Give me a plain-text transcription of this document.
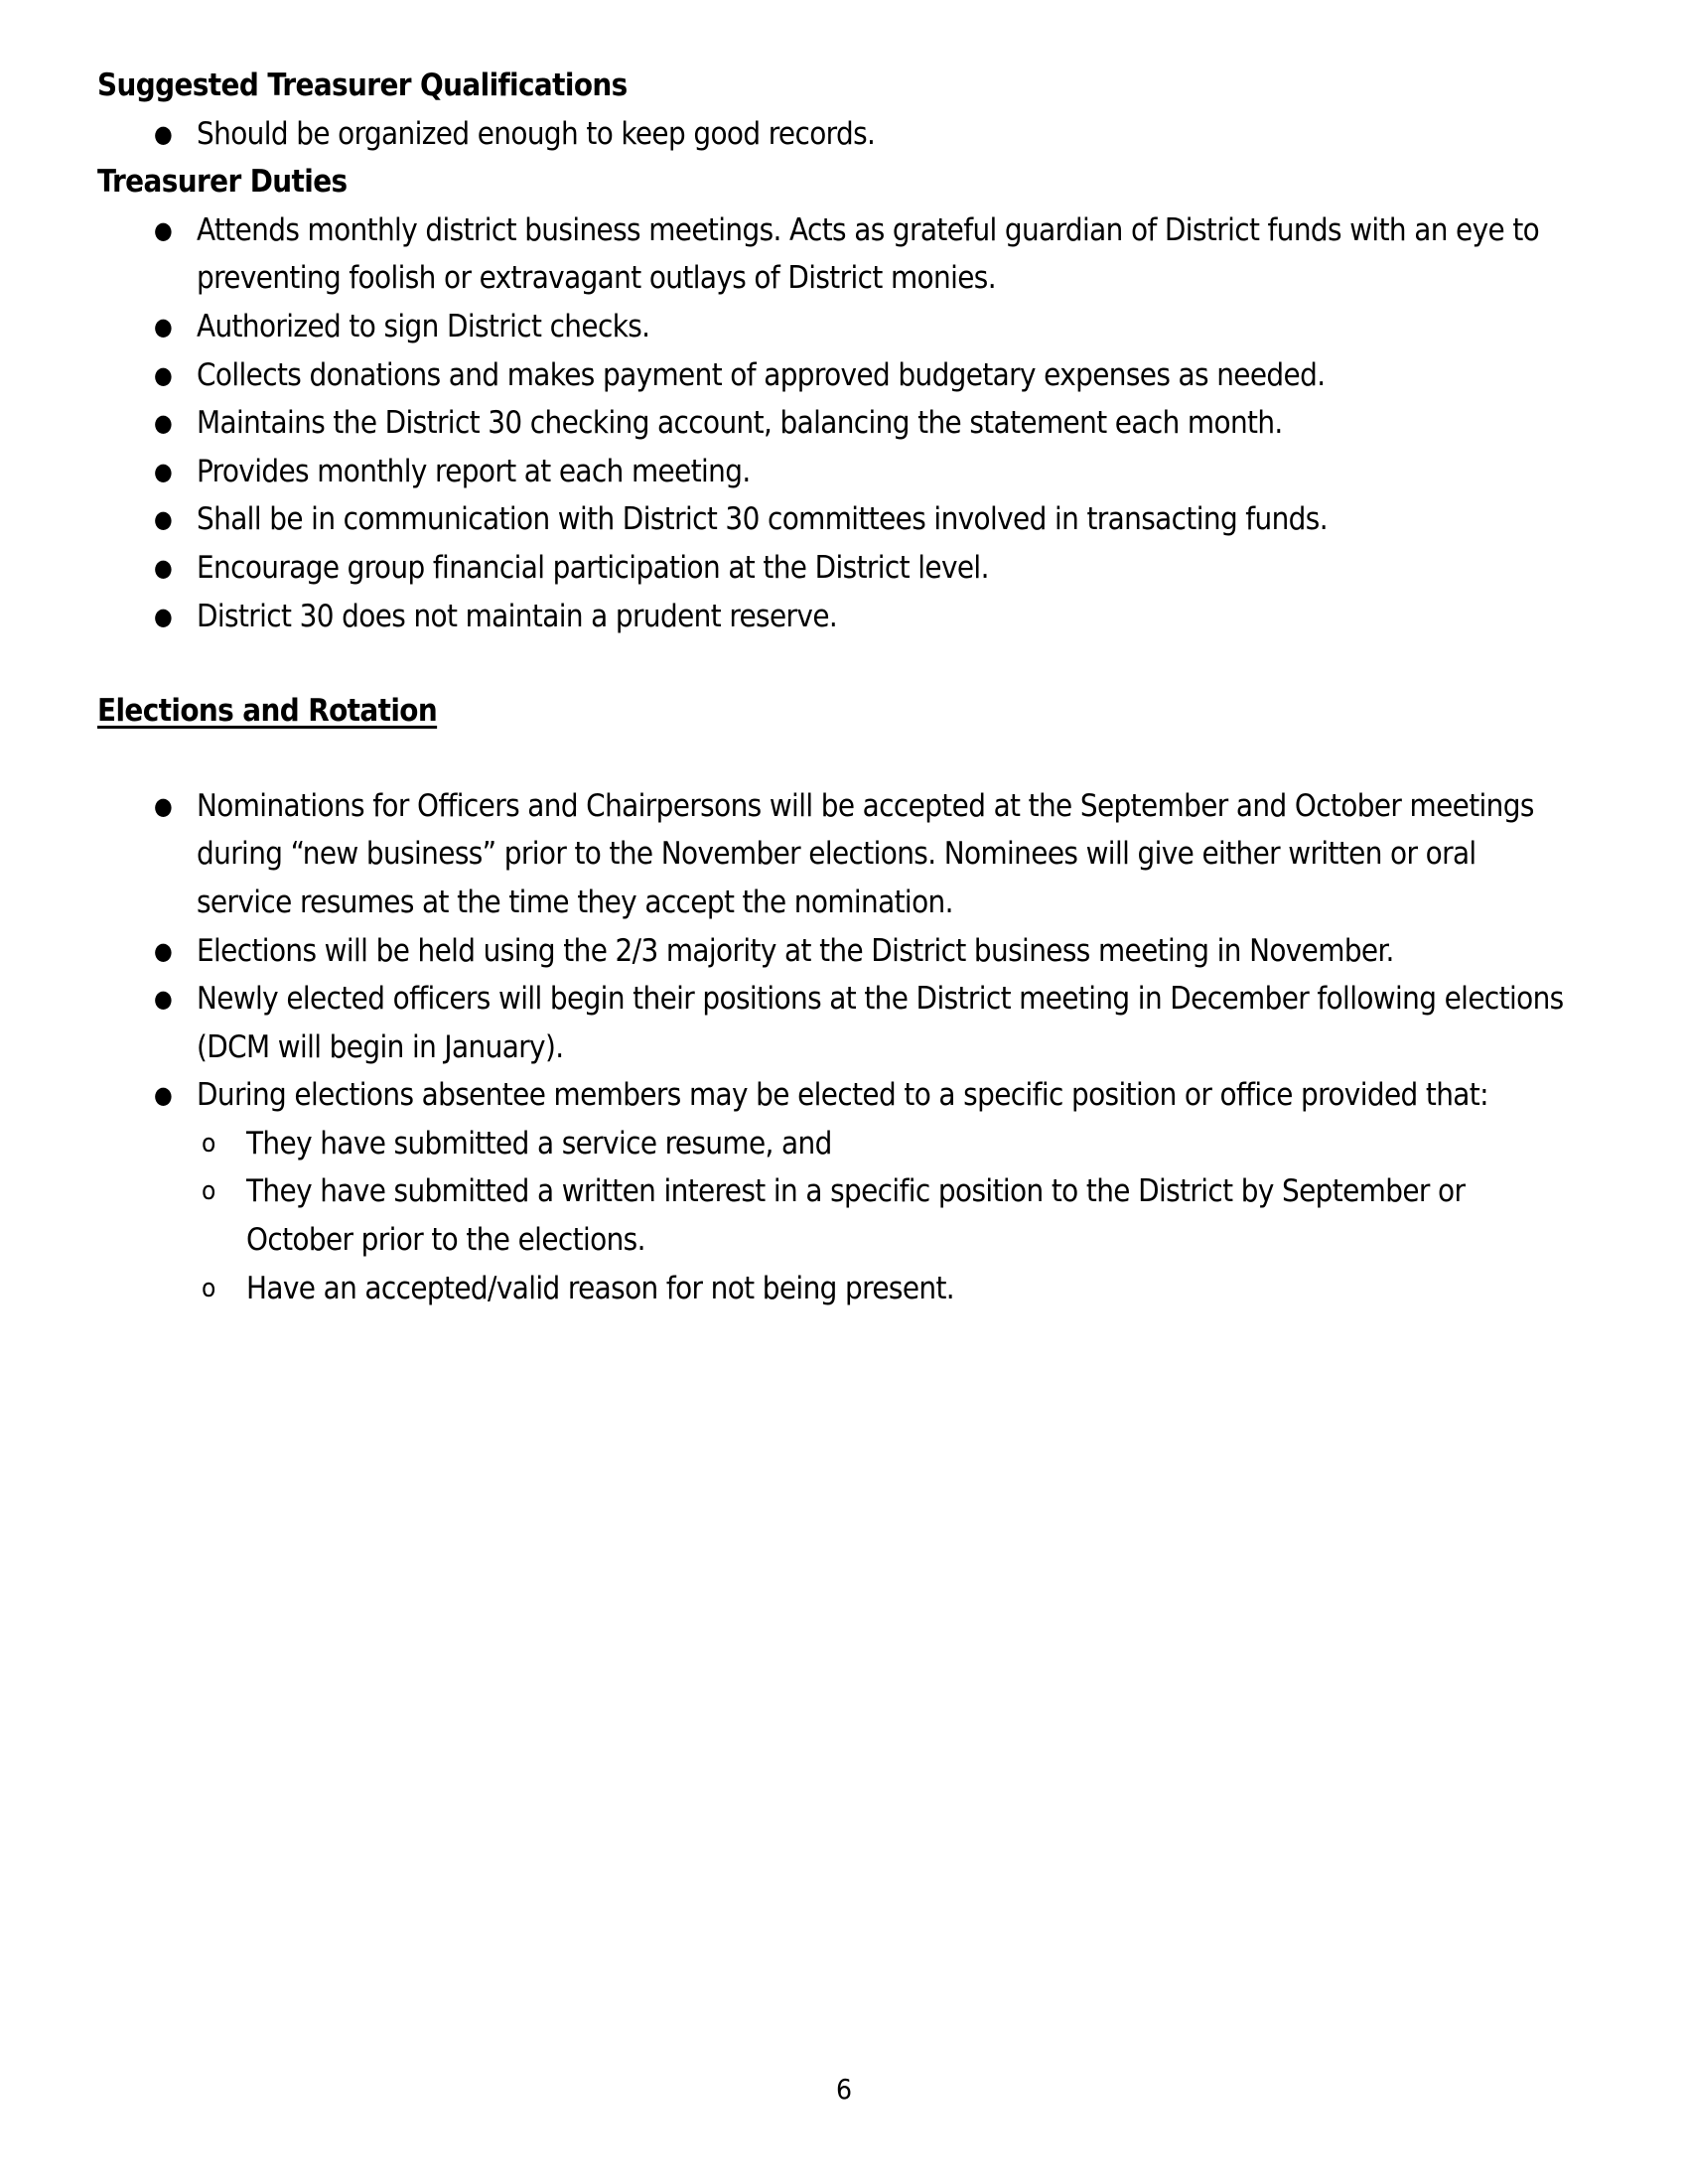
Suggested Treasurer Qualifications
● Should be organized enough to keep good records.
Treasurer Duties
● Attends monthly district business meetings. Acts as grateful guardian of District funds with an eye to preventing foolish or extravagant outlays of District monies.
● Authorized to sign District checks.
● Collects donations and makes payment of approved budgetary expenses as needed.
● Maintains the District 30 checking account, balancing the statement each month.
● Provides monthly report at each meeting.
● Shall be in communication with District 30 committees involved in transacting funds.
● Encourage group financial participation at the District level.
● District 30 does not maintain a prudent reserve.
Elections and Rotation
● Nominations for Officers and Chairpersons will be accepted at the September and October meetings during “new business” prior to the November elections. Nominees will give either written or oral service resumes at the time they accept the nomination.
● Elections will be held using the 2/3 majority at the District business meeting in November.
● Newly elected officers will begin their positions at the District meeting in December following elections (DCM will begin in January).
● During elections absentee members may be elected to a specific position or office provided that:
o They have submitted a service resume, and
o They have submitted a written interest in a specific position to the District by September or October prior to the elections.
o Have an accepted/valid reason for not being present.
6
